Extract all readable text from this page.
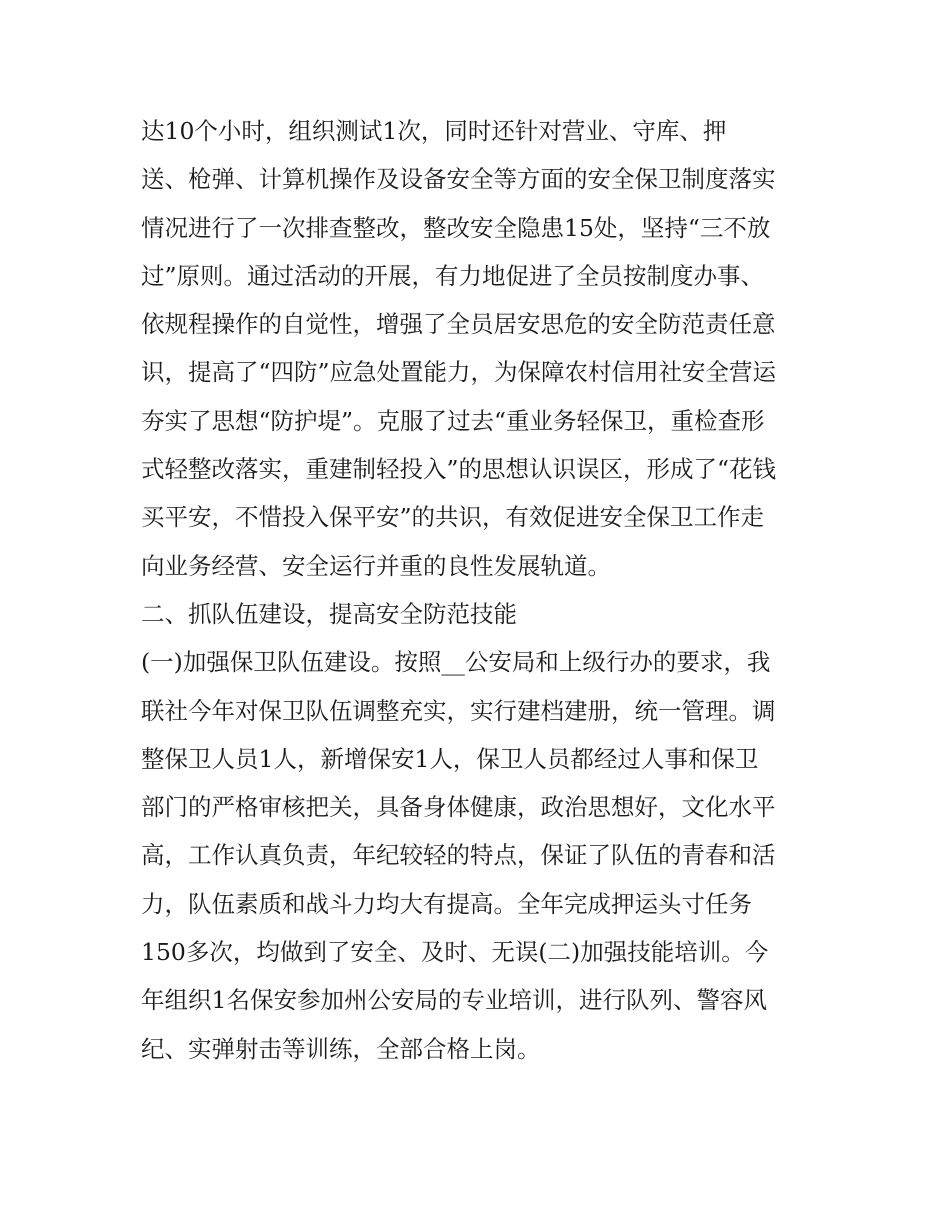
达10个小时，组织测试1次，同时还针对营业、守库、押
送、枪弹、计算机操作及设备安全等方面的安全保卫制度落实
情况进行了一次排查整改，整改安全隐患15处，坚持“三不放
过”原则。通过活动的开展，有力地促进了全员按制度办事、
依规程操作的自觉性，增强了全员居安思危的安全防范责任意
识，提高了“四防”应急处置能力，为保障农村信用社安全营运
夯实了思想“防护堤”。克服了过去“重业务轻保卫，重检查形
式轻整改落实，重建制轻投入”的思想认识误区，形成了“花钱
买平安，不惜投入保平安”的共识，有效促进安全保卫工作走
向业务经营、安全运行并重的良性发展轨道。
二、抓队伍建设，提高安全防范技能
(一)加强保卫队伍建设。按照__公安局和上级行办的要求，我
联社今年对保卫队伍调整充实，实行建档建册，统一管理。调
整保卫人员1人，新增保安1人，保卫人员都经过人事和保卫
部门的严格审核把关，具备身体健康，政治思想好，文化水平
高，工作认真负责，年纪较轻的特点，保证了队伍的青春和活
力，队伍素质和战斗力均大有提高。全年完成押运头寸任务
150多次，均做到了安全、及时、无误(二)加强技能培训。今
年组织1名保安参加州公安局的专业培训，进行队列、警容风
纪、实弹射击等训练，全部合格上岗。
